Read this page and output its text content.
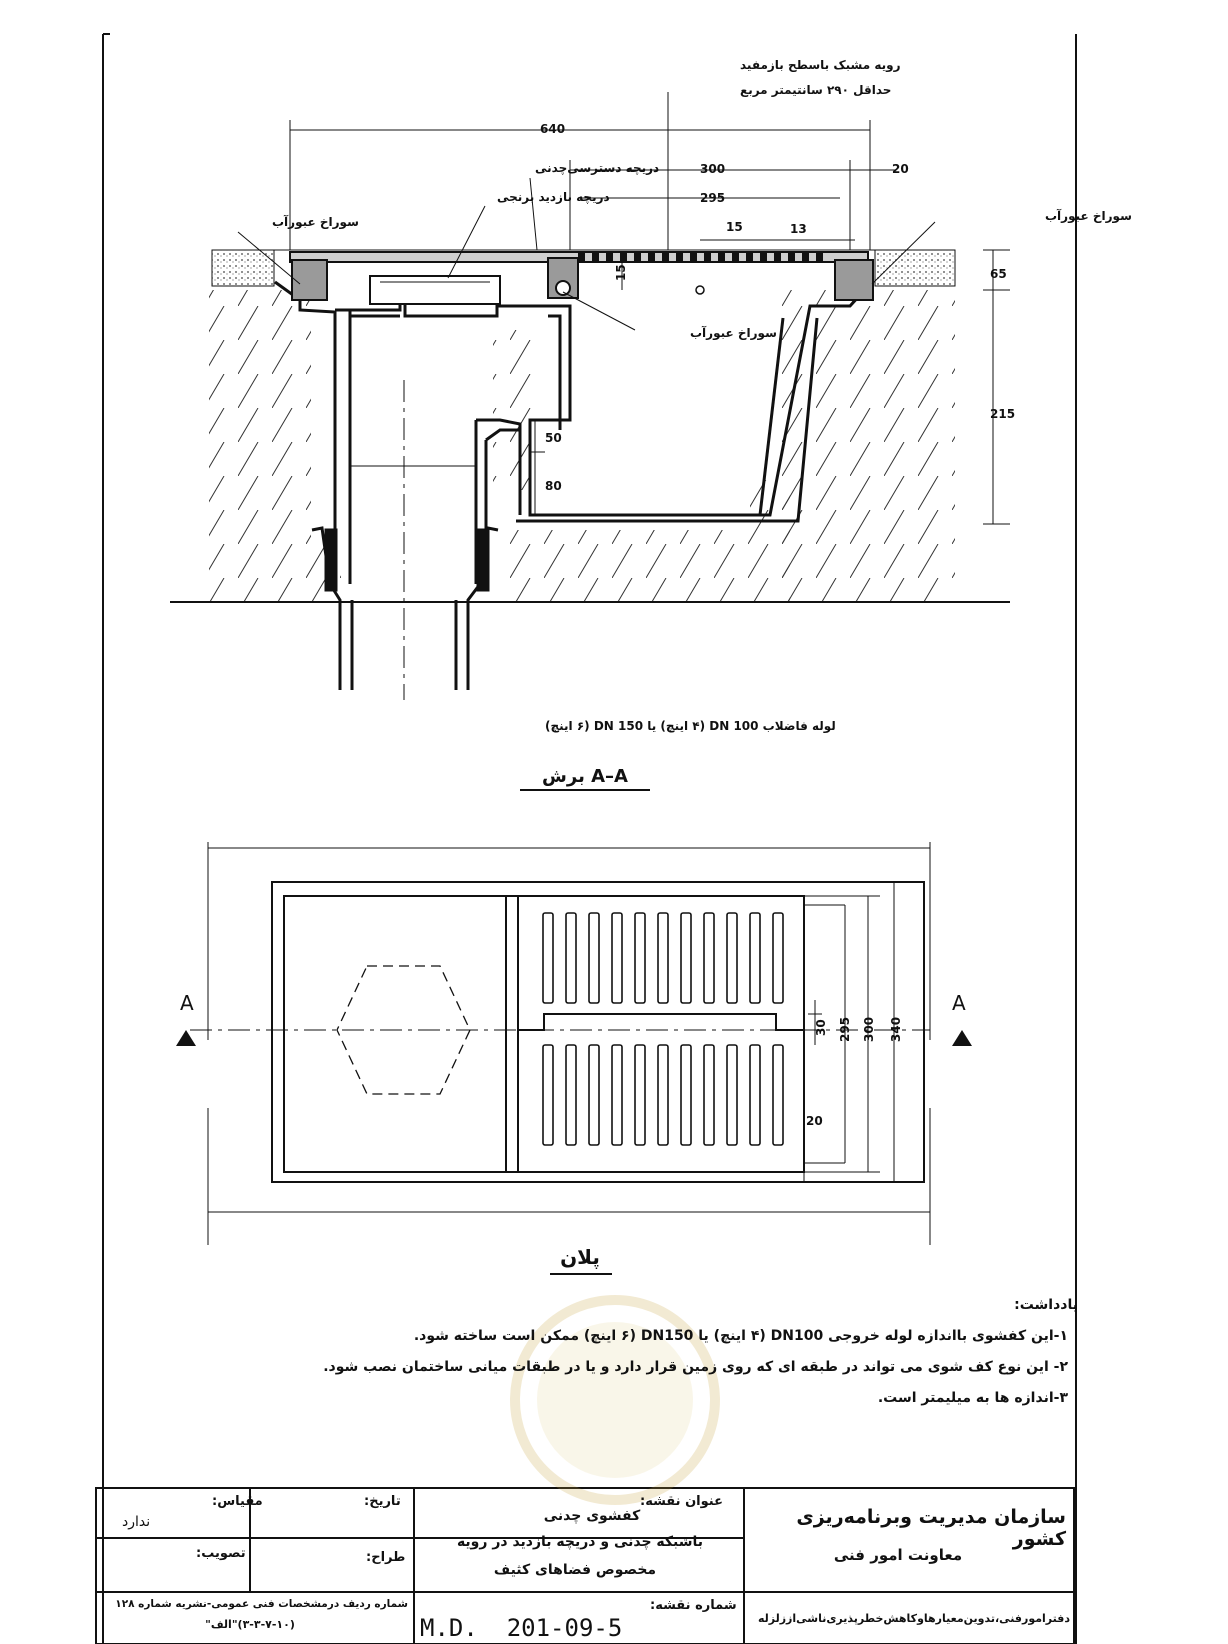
640
300	20
295
15	13
15	65
215
50
80
رویه مشبک باسطح بازمفید
حداقل ۲۹۰ سانتیمتر مربع
دریچه دسترسی‌چدنی
دریچه بازدید برنجی
سوراخ عبورآب	سوراخ عبورآب
سوراخ عبورآب
لوله فاضلاب DN 100 (۴ اینچ) یا DN 150 (۶ اینچ)
برش A–A
A	A
30 295 300 340
20
پلان
یادداشت:
۱-این کفشوی بااندازه لوله خروجی DN100 (۴ اینچ) یا DN150 (۶ اینچ) ممکن است ساخته شود.
۲- این نوع کف شوی می تواند در طبقه ای که روی زمین قرار دارد و یا در طبقات میانی ساختمان نصب شود.
۳-اندازه ها به میلیمتر است.
سازمان مدیریت وبرنامه‌ریزی کشور
معاونت امور فنی
دفترامورفنی،تدوین‌معیارهاوکاهش‌خطرپذیری‌ناشی‌اززلزله
عنوان نقشه:
کفشوی چدنی
باشبکه چدنی و دریچه بازدید در رویه
مخصوص فضاهای کثیف
شماره نقشه:
M.D.  201-09-5
مقیاس:
ندارد
تاریخ:
تصویب:	طراح:
شماره ردیف درمشخصات فنی عمومی-نشریه شماره ۱۲۸
(۳-۳-۷-۱۰)"الف"
